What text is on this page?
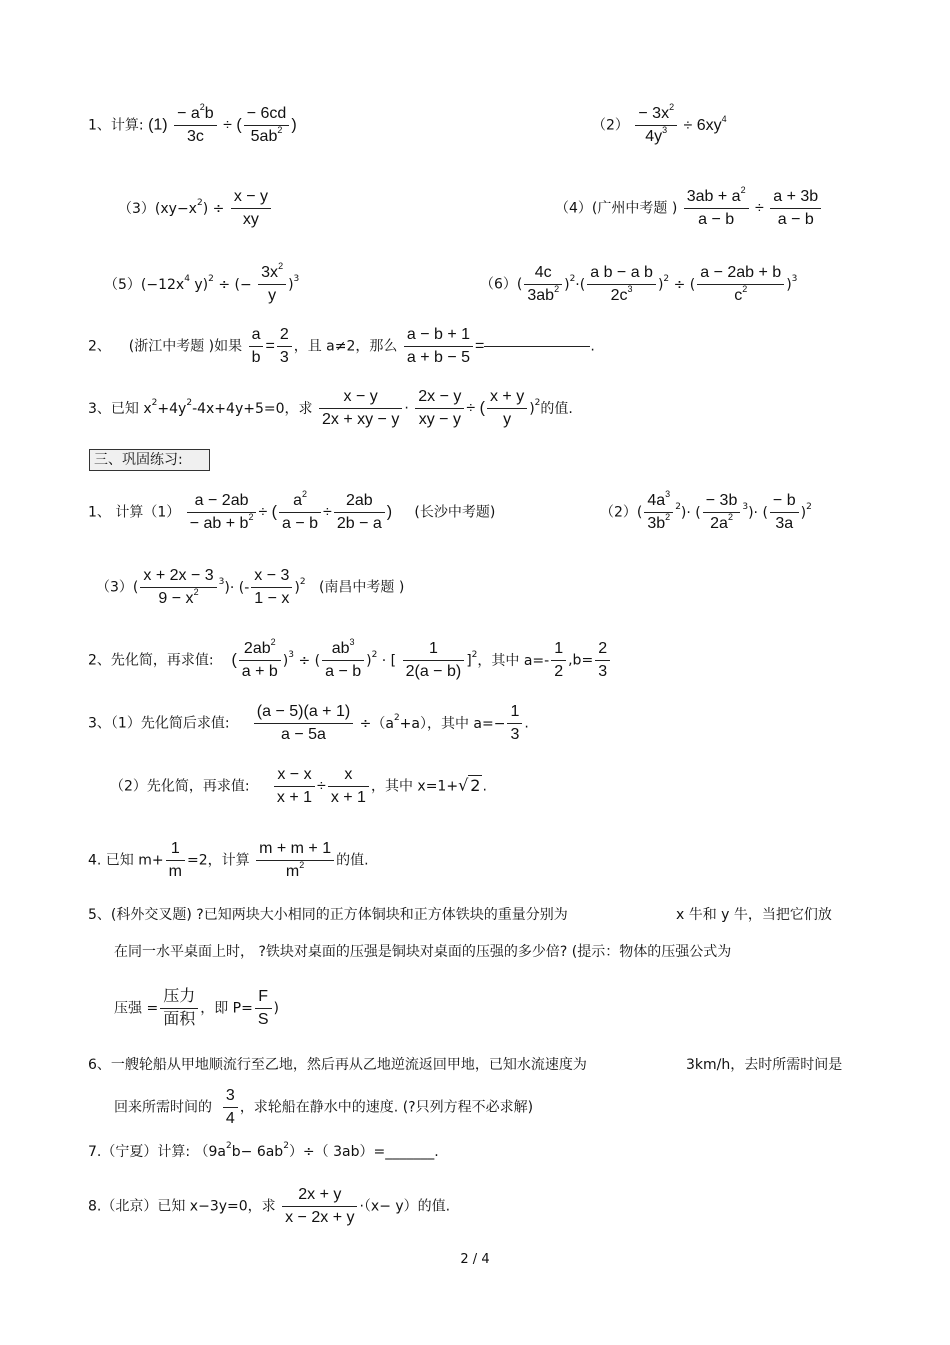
1、计算: $(1) \frac{- a^2b}{3c}$ ÷ ( $\frac{- 6cd}{5ab^2}$ )	$(2) \frac{- 3x^2}{4y^3} \div 6xy^4$
$(3)(xy-x^2) \div \frac{x - y}{xy}$	（4）(广州中考题 ) $\frac{3ab + a^2}{a - b} \div \frac{a + 3b}{a - b}$
$(5)(-12x^4$ y)$^2$ ÷ (− $\frac{3x^2}{y} )^3$	$(6)( \frac{4c}{3ab^2} )^2\cdot( \frac{\text{a b − a b}}{2c^3} )^2$ ÷ ( $\frac{a - 2ab + b}{c^2} )^3$
2、 (浙江中考题 )如果 $\frac{a}{b} = \frac{2}{3}$ ，且 a≠2，那么 $\frac{a - b + 1}{a + b - 5}$ =	.
3、已知 $x^2+4y^2-4x+4y+5=0$，求 $\frac{x - y}{2x + xy - y} \cdot \frac{2x - y}{xy - y}$ ÷ ( $\frac{x + y}{y} )^2$的值.
三、巩固练习:
1、 计算$(1) \frac{a - 2ab}{- ab + b^2}$ ÷ ( $\frac{a^2}{a - b} \div \frac{2ab}{2b - a}$ ) (长沙中考题)	$(2)( \frac{4a^3}{3b^2} ^2)\cdot$ ( $\frac{- 3b}{2a^2} ^3)\cdot$ ( $\frac{- b}{3a} )^2$
$(3)( \frac{x + 2x - 3}{9 - x^2} ^3)\cdot$ (- $\frac{x - 3}{1 - x} )^2$ (南昌中考题 )
2、先化简，再求值: ( $\frac{2ab^2}{a + b} )^3$ ÷ ( $\frac{ab^3}{a - b} )^2$ · [ $\frac{1}{2(a - b)} ]^2$，其中 $a=- \frac{1}{2} ,b= \frac{2}{3}$
3、（1）先化简后求值: $\frac{(a - 5)(a + 1)}{a - 5a} \div(a^2+a)$，其中 $a=- \frac{1}{3}$ .
（2）先化简，再求值: $\frac{x - x}{x + 1} \div \frac{x}{x + 1}$ ，其中 x=1+√ 2 .
4. 已知 $m+ \frac{1}{m} =2$，计算 $\frac{m + m + 1}{m^2}$ 的值.
5、(科外交叉题) ?已知两块大小相同的正方体铜块和正方体铁块的重量分别为	x 牛和 y 牛，当把它们放
在同一水平桌面上时， ?铁块对桌面的压强是铜块对桌面的压强的多少倍? (提示：物体的压强公式为
压强 =
压力
面积
，即 $P= \frac{F}{S}$ )
6、一艘轮船从甲地顺流行至乙地，然后再从乙地逆流返回甲地，已知水流速度为	3km/h，去时所需时间是
回来所需时间的 $\frac{3}{4}$ ，求轮船在静水中的速度. (?只列方程不必求解)
7.（宁夏）计算: $(9a^2b- 6ab^2)\div$（ 3ab）=_______.
8.（北京）已知 x−3y=0，求 $\frac{2x + y}{x - 2x + y} \cdot(x- y)$的值.
2 / 4
